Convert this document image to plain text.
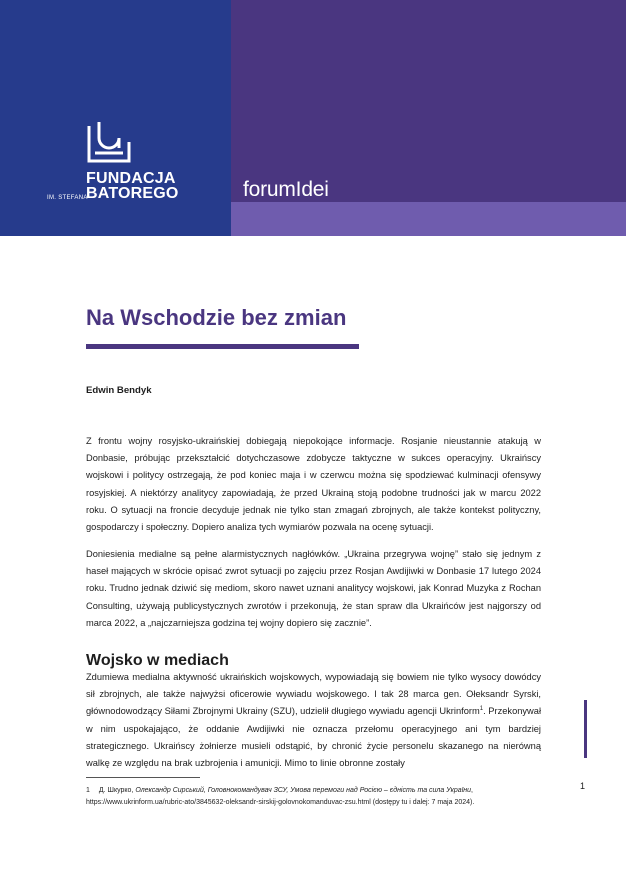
FUNDACJA
BATOREGO
IM. STEFANA	forumIdei
Na Wschodzie bez zmian
Edwin Bendyk

Z frontu wojny rosyjsko-ukraińskiej dobiegają niepokojące informacje. Rosjanie nieustannie atakują w Donbasie, próbując przekształcić dotychczasowe zdobycze taktyczne w sukces operacyjny. Ukraińscy wojskowi i politycy ostrzegają, że pod koniec maja i w czerwcu można się spodziewać kulminacji ofensywy rosyjskiej. A niektórzy analitycy zapowiadają, że przed Ukrainą stoją podobne trudności jak w marcu 2022 roku. O sytuacji na froncie decyduje jednak nie tylko stan zmagań zbrojnych, ale także kontekst polityczny, gospodarczy i społeczny. Dopiero analiza tych wymiarów pozwala na ocenę sytuacji.

Doniesienia medialne są pełne alarmistycznych nagłówków. „Ukraina przegrywa wojnę” stało się jednym z haseł mających w skrócie opisać zwrot sytuacji po zajęciu przez Rosjan Awdijiwki w Donbasie 17 lutego 2024 roku. Trudno jednak dziwić się mediom, skoro nawet uznani analitycy wojskowi, jak Konrad Muzyka z Rochan Consulting, używają publicystycznych zwrotów i przekonują, że stan spraw dla Ukraińców jest najgorszy od marca 2022, a „najczarniejsza godzina tej wojny dopiero się zacznie”.

Wojsko w mediach

Zdumiewa medialna aktywność ukraińskich wojskowych, wypowiadają się bowiem nie tylko wysocy dowódcy sił zbrojnych, ale także najwyżsi oficerowie wywiadu wojskowego. I tak 28 marca gen. Ołeksandr Syrski, głównodowodzący Siłami Zbrojnymi Ukrainy (SZU), udzielił długiego wywiadu agencji Ukrinform$^1$. Przekonywał w nim uspokajająco, że oddanie Awdijiwki nie oznacza przełomu operacyjnego ani tym bardziej strategicznego. Ukraińscy żołnierze musieli odstąpić, by chronić życie personelu skazanego na nierówną walkę ze względu na brak uzbrojenia i amunicji. Mimo to linie obronne zostały

1 Д. Шкурко, Олександр Сирський, Головнокомандувач ЗСУ, Умова перемоги над Росією – єдність та сила України, https://www.ukrinform.ua/rubric-ato/3845632-oleksandr-sirskij-golovnokomanduvac-zsu.html (dostępy tu i dalej: 7 maja 2024).

1
